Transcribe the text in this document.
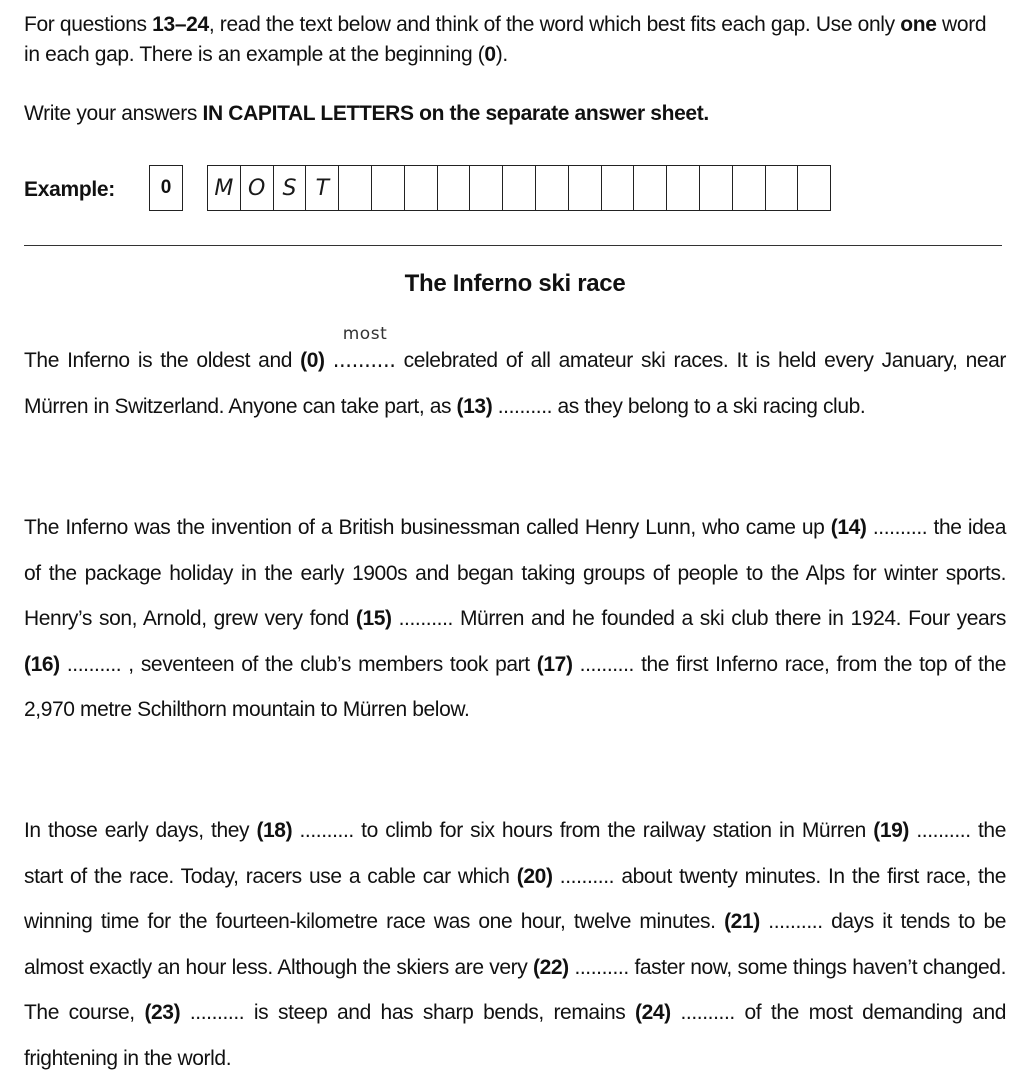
For questions 13–24, read the text below and think of the word which best fits each gap. Use only one word in each gap. There is an example at the beginning (0).
Write your answers IN CAPITAL LETTERS on the separate answer sheet.
Example:	0	M O S T
The Inferno ski race
The Inferno is the oldest and (0)
most
.......... celebrated of all amateur ski races. It is held every January, near Mürren in Switzerland. Anyone can take part, as (13) .......... as they belong to a ski racing club.
The Inferno was the invention of a British businessman called Henry Lunn, who came up (14) .......... the idea of the package holiday in the early 1900s and began taking groups of people to the Alps for winter sports. Henry’s son, Arnold, grew very fond (15) .......... Mürren and he founded a ski club there in 1924. Four years (16) .......... , seventeen of the club’s members took part (17) .......... the first Inferno race, from the top of the 2,970 metre Schilthorn mountain to Mürren below.
In those early days, they (18) .......... to climb for six hours from the railway station in Mürren (19) .......... the start of the race. Today, racers use a cable car which (20) .......... about twenty minutes. In the first race, the winning time for the fourteen-kilometre race was one hour, twelve minutes. (21) .......... days it tends to be almost exactly an hour less. Although the skiers are very (22) .......... faster now, some things haven’t changed. The course, (23) .......... is steep and has sharp bends, remains (24) .......... of the most demanding and frightening in the world.
